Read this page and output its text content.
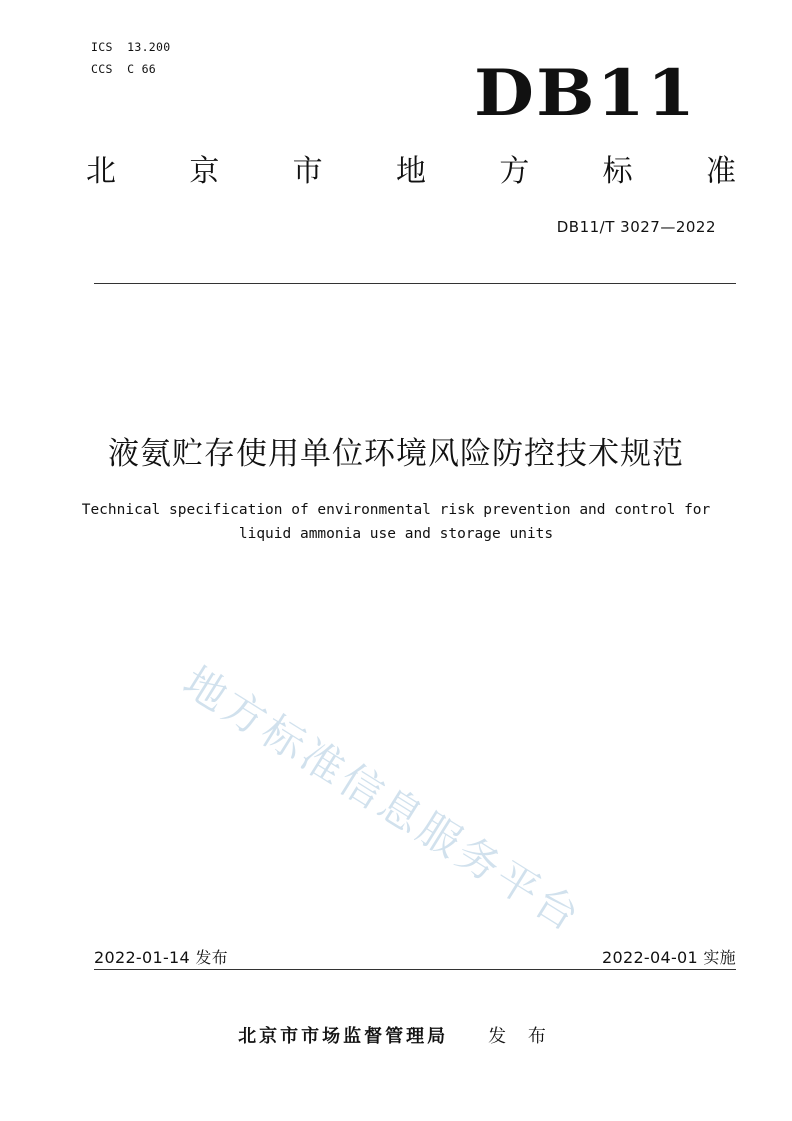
ICS  13.200
CCS  C 66	DB11
北 京 市 地 方 标 准
DB11/T 3027—2022
液氨贮存使用单位环境风险防控技术规范
Technical specification of environmental risk prevention and control for
liquid ammonia use and storage units
地方标准信息服务平台
2022-01-14 发布	2022-04-01 实施
北京市市场监督管理局 发 布
